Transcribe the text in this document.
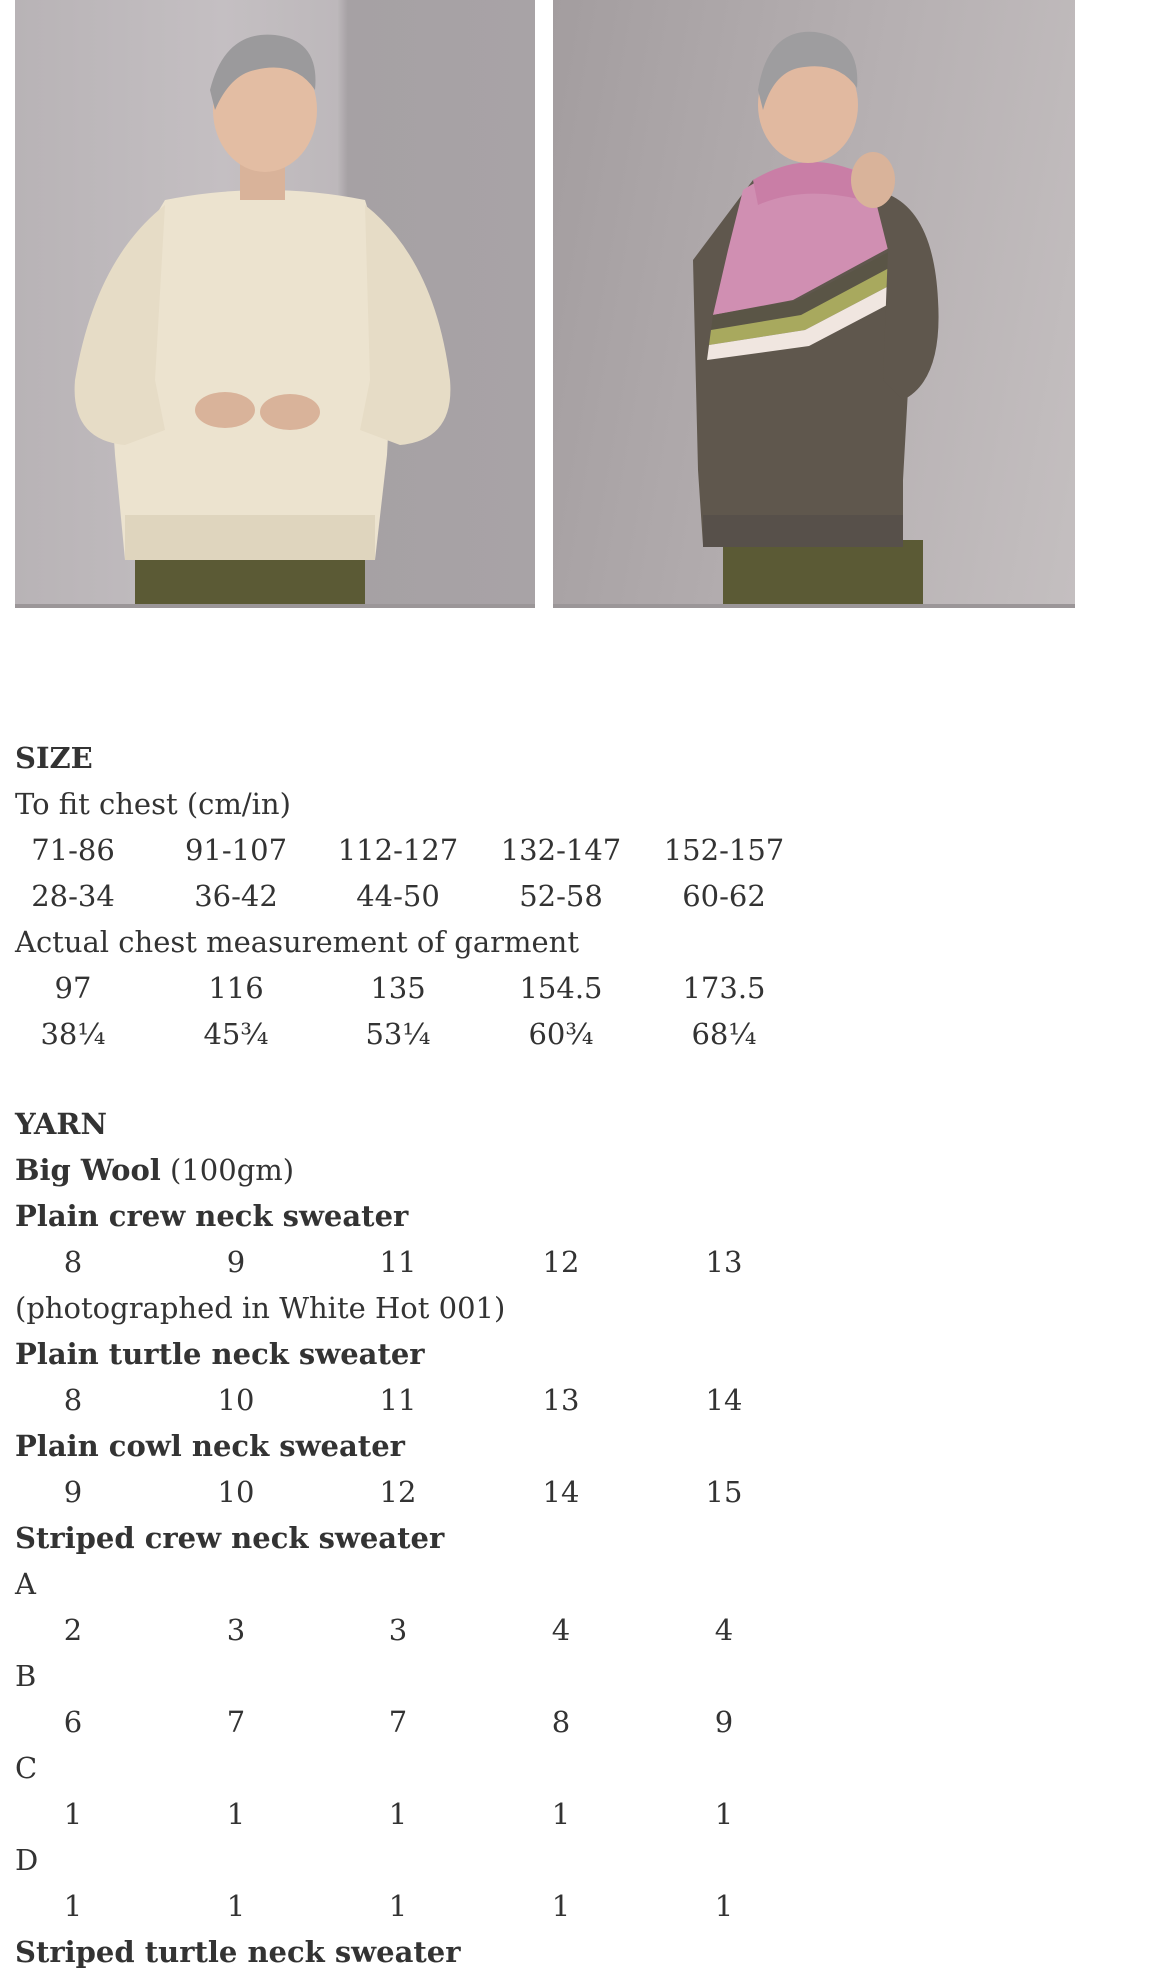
SIZE
To fit chest (cm/in)
71-86	91-107	112-127	132-147	152-157
28-34	36-42	44-50	52-58	60-62
Actual chest measurement of garment
97	116	135	154.5	173.5
38¼	45¾	53¼	60¾	68¼
YARN
Big Wool (100gm)
Plain crew neck sweater
8	9	11	12	13
(photographed in White Hot 001)
Plain turtle neck sweater
8	10	11	13	14
Plain cowl neck sweater
9	10	12	14	15
Striped crew neck sweater
A
2	3	3	4	4
B
6	7	7	8	9
C
1	1	1	1	1
D
1	1	1	1	1
Striped turtle neck sweater
